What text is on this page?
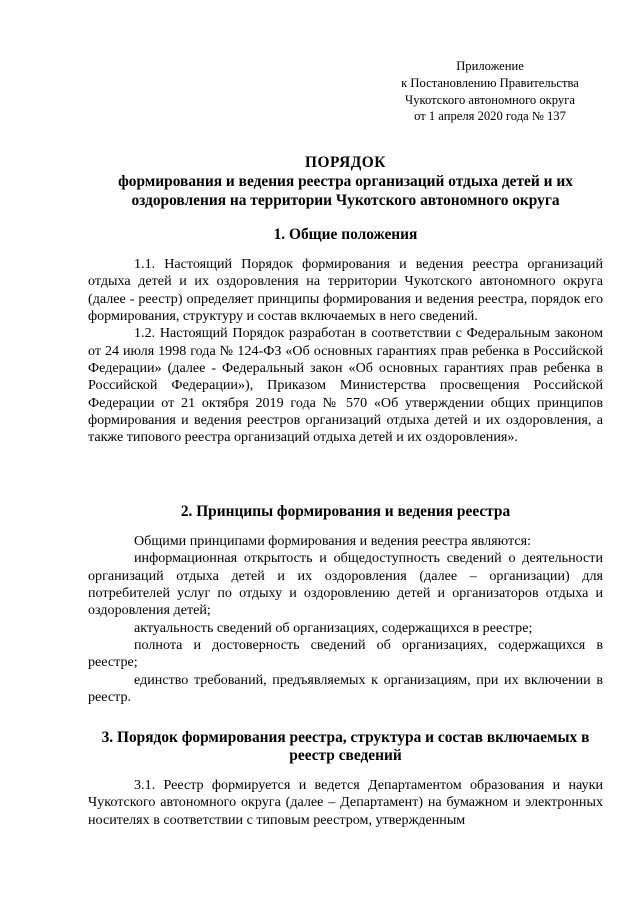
Приложение
к Постановлению Правительства
Чукотского автономного округа
от 1 апреля 2020 года № 137
ПОРЯДОК
формирования и ведения реестра организаций отдыха детей и их
оздоровления на территории Чукотского автономного округа
1. Общие положения

1.1. Настоящий Порядок формирования и ведения реестра организаций отдыха детей и их оздоровления на территории Чукотского автономного округа (далее - реестр) определяет принципы формирования и ведения реестра, порядок его формирования, структуру и состав включаемых в него сведений.

1.2. Настоящий Порядок разработан в соответствии с Федеральным законом от 24 июля 1998 года № 124-ФЗ «Об основных гарантиях прав ребенка в Российской Федерации» (далее - Федеральный закон «Об основных гарантиях прав ребенка в Российской Федерации»), Приказом Министерства просвещения Российской Федерации от 21 октября 2019 года № 570 «Об утверждении общих принципов формирования и ведения реестров организаций отдыха детей и их оздоровления, а также типового реестра организаций отдыха детей и их оздоровления».

2. Принципы формирования и ведения реестра

Общими принципами формирования и ведения реестра являются:

информационная открытость и общедоступность сведений о деятельности организаций отдыха детей и их оздоровления (далее – организации) для потребителей услуг по отдыху и оздоровлению детей и организаторов отдыха и оздоровления детей;

актуальность сведений об организациях, содержащихся в реестре;

полнота и достоверность сведений об организациях, содержащихся в реестре;

единство требований, предъявляемых к организациям, при их включении в реестр.

3. Порядок формирования реестра, структура и состав включаемых в
реестр сведений

3.1. Реестр формируется и ведется Департаментом образования и науки Чукотского автономного округа (далее – Департамент) на бумажном и электронных носителях в соответствии с типовым реестром, утвержденным
